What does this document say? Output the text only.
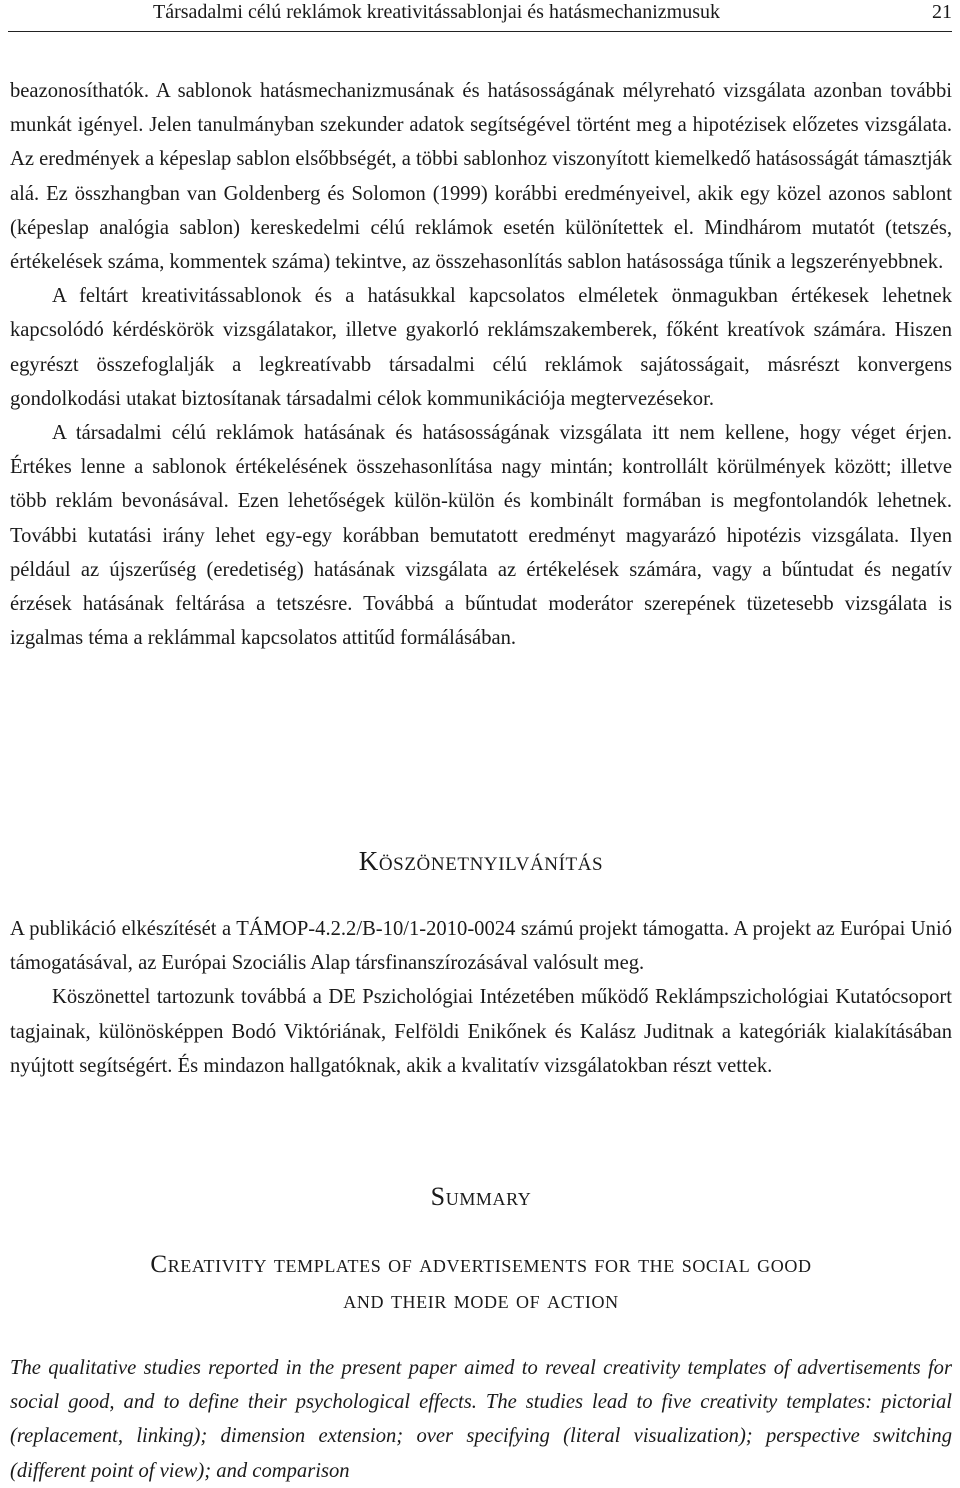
Társadalmi célú reklámok kreativitássablonjai és hatásmechanizmusuk	21

beazonosíthatók. A sablonok hatásmechanizmusának és hatásosságának mélyreható vizsgálata azonban további munkát igényel. Jelen tanulmányban szekunder adatok segítségével történt meg a hipotézisek előzetes vizsgálata. Az eredmények a képeslap sablon elsőbbségét, a többi sablonhoz viszonyított kiemelkedő hatásosságát támasztják alá. Ez összhangban van Goldenberg és Solomon (1999) korábbi eredményeivel, akik egy közel azonos sablont (képeslap analógia sablon) kereskedelmi célú reklámok esetén különítettek el. Mindhárom mutatót (tetszés, értékelések száma, kommentek száma) tekintve, az összehasonlítás sablon hatásossága tűnik a legszerényebbnek.

A feltárt kreativitássablonok és a hatásukkal kapcsolatos elméletek önmagukban értékesek lehetnek kapcsolódó kérdéskörök vizsgálatakor, illetve gyakorló reklámszakemberek, főként kreatívok számára. Hiszen egyrészt összefoglalják a legkreatívabb társadalmi célú reklámok sajátosságait, másrészt konvergens gondolkodási utakat biztosítanak társadalmi célok kommunikációja megtervezésekor.

A társadalmi célú reklámok hatásának és hatásosságának vizsgálata itt nem kellene, hogy véget érjen. Értékes lenne a sablonok értékelésének összehasonlítása nagy mintán; kontrollált körülmények között; illetve több reklám bevonásával. Ezen lehetőségek külön-külön és kombinált formában is megfontolandók lehetnek. További kutatási irány lehet egy-egy korábban bemutatott eredményt magyarázó hipotézis vizsgálata. Ilyen például az újszerűség (eredetiség) hatásának vizsgálata az értékelések számára, vagy a bűntudat és negatív érzések hatásának feltárása a tetszésre. Továbbá a bűntudat moderátor szerepének tüzetesebb vizsgálata is izgalmas téma a reklámmal kapcsolatos attitűd formálásában.

Köszönetnyilvánítás

A publikáció elkészítését a TÁMOP-4.2.2/B-10/1-2010-0024 számú projekt támogatta. A projekt az Európai Unió támogatásával, az Európai Szociális Alap társfinanszírozásával valósult meg.

Köszönettel tartozunk továbbá a DE Pszichológiai Intézetében működő Reklámpszichológiai Kutatócsoport tagjainak, különösképpen Bodó Viktóriának, Felföldi Enikőnek és Kalász Juditnak a kategóriák kialakításában nyújtott segítségért. És mindazon hallgatóknak, akik a kvalitatív vizsgálatokban részt vettek.

Summary
Creativity templates of advertisements for the social good
and their mode of action

The qualitative studies reported in the present paper aimed to reveal creativity templates of advertisements for social good, and to define their psychological effects. The studies lead to five creativity templates: pictorial (replacement, linking); dimension extension; over specifying (literal visualization); perspective switching (different point of view); and comparison
